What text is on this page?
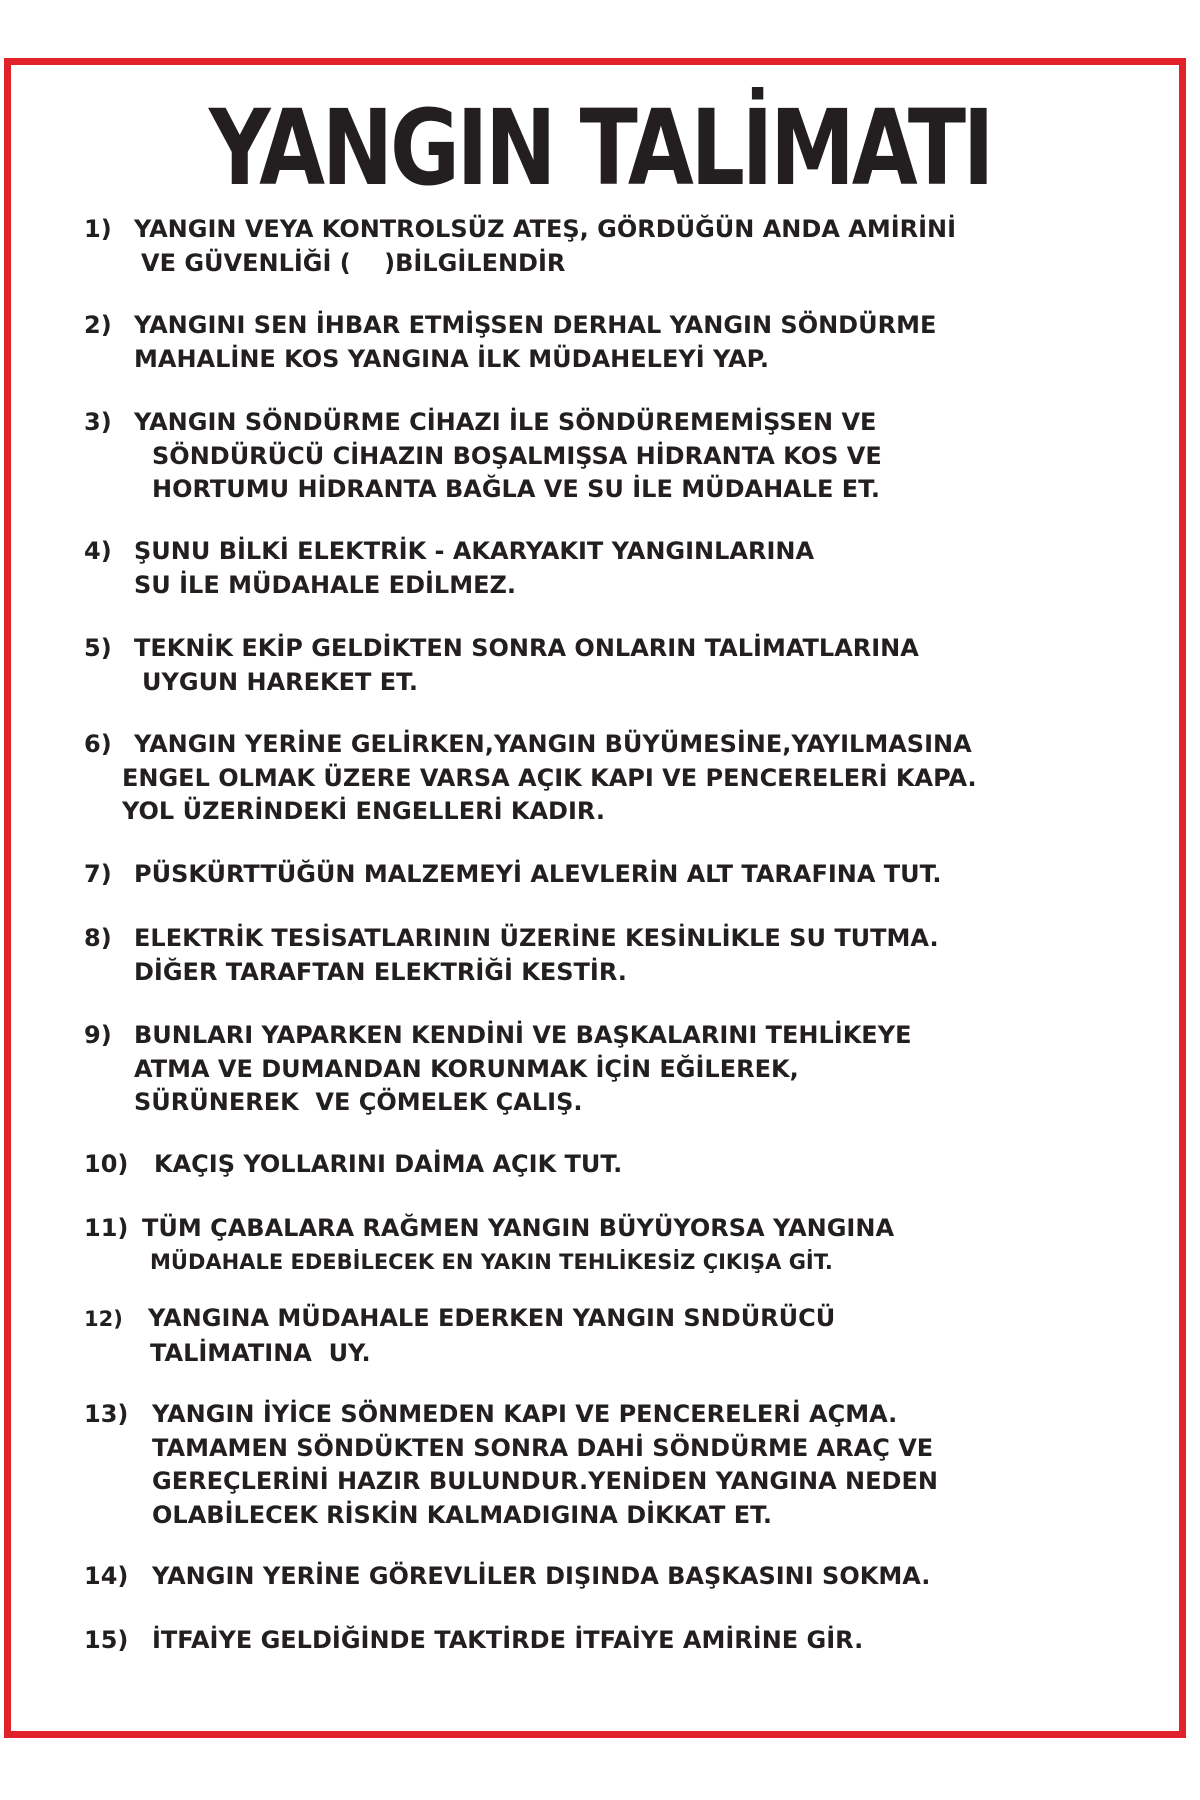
YANGIN TALİMATI
1) YANGIN VEYA KONTROLSÜZ ATEŞ, GÖRDÜĞÜN ANDA AMİRİNİ
VE GÜVENLİĞİ (    )BİLGİLENDİR
2) YANGINI SEN İHBAR ETMİŞSEN DERHAL YANGIN SÖNDÜRME
MAHALİNE KOS YANGINA İLK MÜDAHELEYİ YAP.
3) YANGIN SÖNDÜRME CİHAZI İLE SÖNDÜREMEMİŞSEN VE
SÖNDÜRÜCÜ CİHAZIN BOŞALMIŞSA HİDRANTA KOS VE
HORTUMU HİDRANTA BAĞLA VE SU İLE MÜDAHALE ET.
4) ŞUNU BİLKİ ELEKTRİK - AKARYAKIT YANGINLARINA
SU İLE MÜDAHALE EDİLMEZ.
5) TEKNİK EKİP GELDİKTEN SONRA ONLARIN TALİMATLARINA
UYGUN HAREKET ET.
6) YANGIN YERİNE GELİRKEN,YANGIN BÜYÜMESİNE,YAYILMASINA
ENGEL OLMAK ÜZERE VARSA AÇIK KAPI VE PENCERELERİ KAPA.
YOL ÜZERİNDEKİ ENGELLERİ KADIR.
7) PÜSKÜRTTÜĞÜN MALZEMEYİ ALEVLERİN ALT TARAFINA TUT.
8) ELEKTRİK TESİSATLARININ ÜZERİNE KESİNLİKLE SU TUTMA.
DİĞER TARAFTAN ELEKTRİĞİ KESTİR.
9) BUNLARI YAPARKEN KENDİNİ VE BAŞKALARINI TEHLİKEYE
ATMA VE DUMANDAN KORUNMAK İÇİN EĞİLEREK,
SÜRÜNEREK  VE ÇÖMELEK ÇALIŞ.
10) KAÇIŞ YOLLARINI DAİMA AÇIK TUT.
11) TÜM ÇABALARA RAĞMEN YANGIN BÜYÜYORSA YANGINA
MÜDAHALE EDEBİLECEK EN YAKIN TEHLİKESİZ ÇIKIŞA GİT.
12) YANGINA MÜDAHALE EDERKEN YANGIN SNDÜRÜCÜ
TALİMATINA  UY.
13) YANGIN İYİCE SÖNMEDEN KAPI VE PENCERELERİ AÇMA.
TAMAMEN SÖNDÜKTEN SONRA DAHİ SÖNDÜRME ARAÇ VE
GEREÇLERİNİ HAZIR BULUNDUR.YENİDEN YANGINA NEDEN
OLABİLECEK RİSKİN KALMADIGINA DİKKAT ET.
14) YANGIN YERİNE GÖREVLİLER DIŞINDA BAŞKASINI SOKMA.
15) İTFAİYE GELDİĞİNDE TAKTİRDE İTFAİYE AMİRİNE GİR.
